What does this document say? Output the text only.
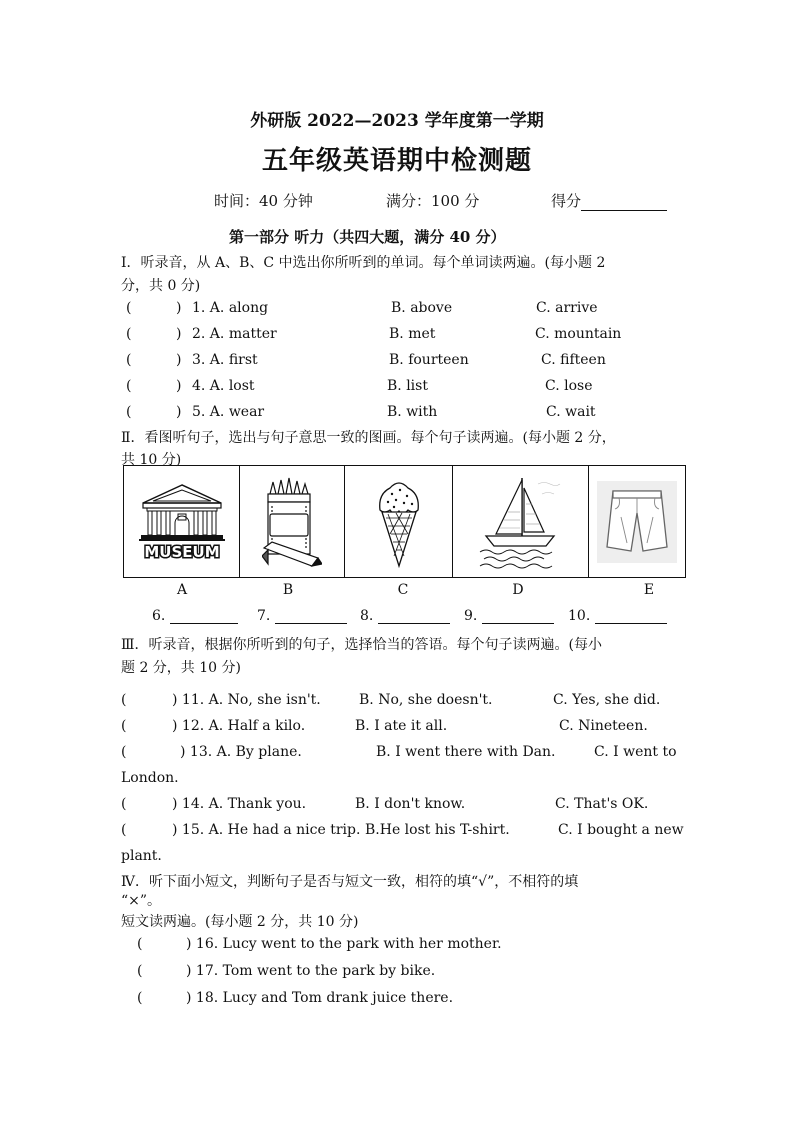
外研版 2022—2023 学年度第一学期
五年级英语期中检测题
时间：40 分钟	满分：100 分	得分
第一部分 听力（共四大题，满分 40 分）
Ⅰ．听录音，从 A、B、C 中选出你所听到的单词。每个单词读两遍。(每小题 2
分，共 0 分)
(	) 1. A. along	B. above	C. arrive
(	) 2. A. matter	B. met	C. mountain
(	) 3. A. first	B. fourteen	C. fifteen
(	) 4. A. lost	B. list	C. lose
(	) 5. A. wear	B. with	C. wait
Ⅱ．看图听句子，选出与句子意思一致的图画。每个句子读两遍。(每小题 2 分，
共 10 分)
MUSEUM
A	B	C	D	E
6.	7.	8.	9.	10.
Ⅲ．听录音，根据你所听到的句子，选择恰当的答语。每个句子读两遍。(每小
题 2 分，共 10 分)
(	) 11. A. No, she isn't.	B. No, she doesn't.	C. Yes, she did.
(	) 12. A. Half a kilo.	B. I ate it all.	C. Nineteen.
(	) 13. A. By plane.	B. I went there with Dan.	C. I went to
London.
(	) 14. A. Thank you.	B. I don't know.	C. That's OK.
(	) 15. A. He had a nice trip. B.He lost his T-shirt.	C. I bought a new
plant.
Ⅳ．听下面小短文，判断句子是否与短文一致，相符的填“√”，不相符的填
“×”。
短文读两遍。(每小题 2 分，共 10 分)
(	) 16. Lucy went to the park with her mother.
(	) 17. Tom went to the park by bike.
(	) 18. Lucy and Tom drank juice there.
